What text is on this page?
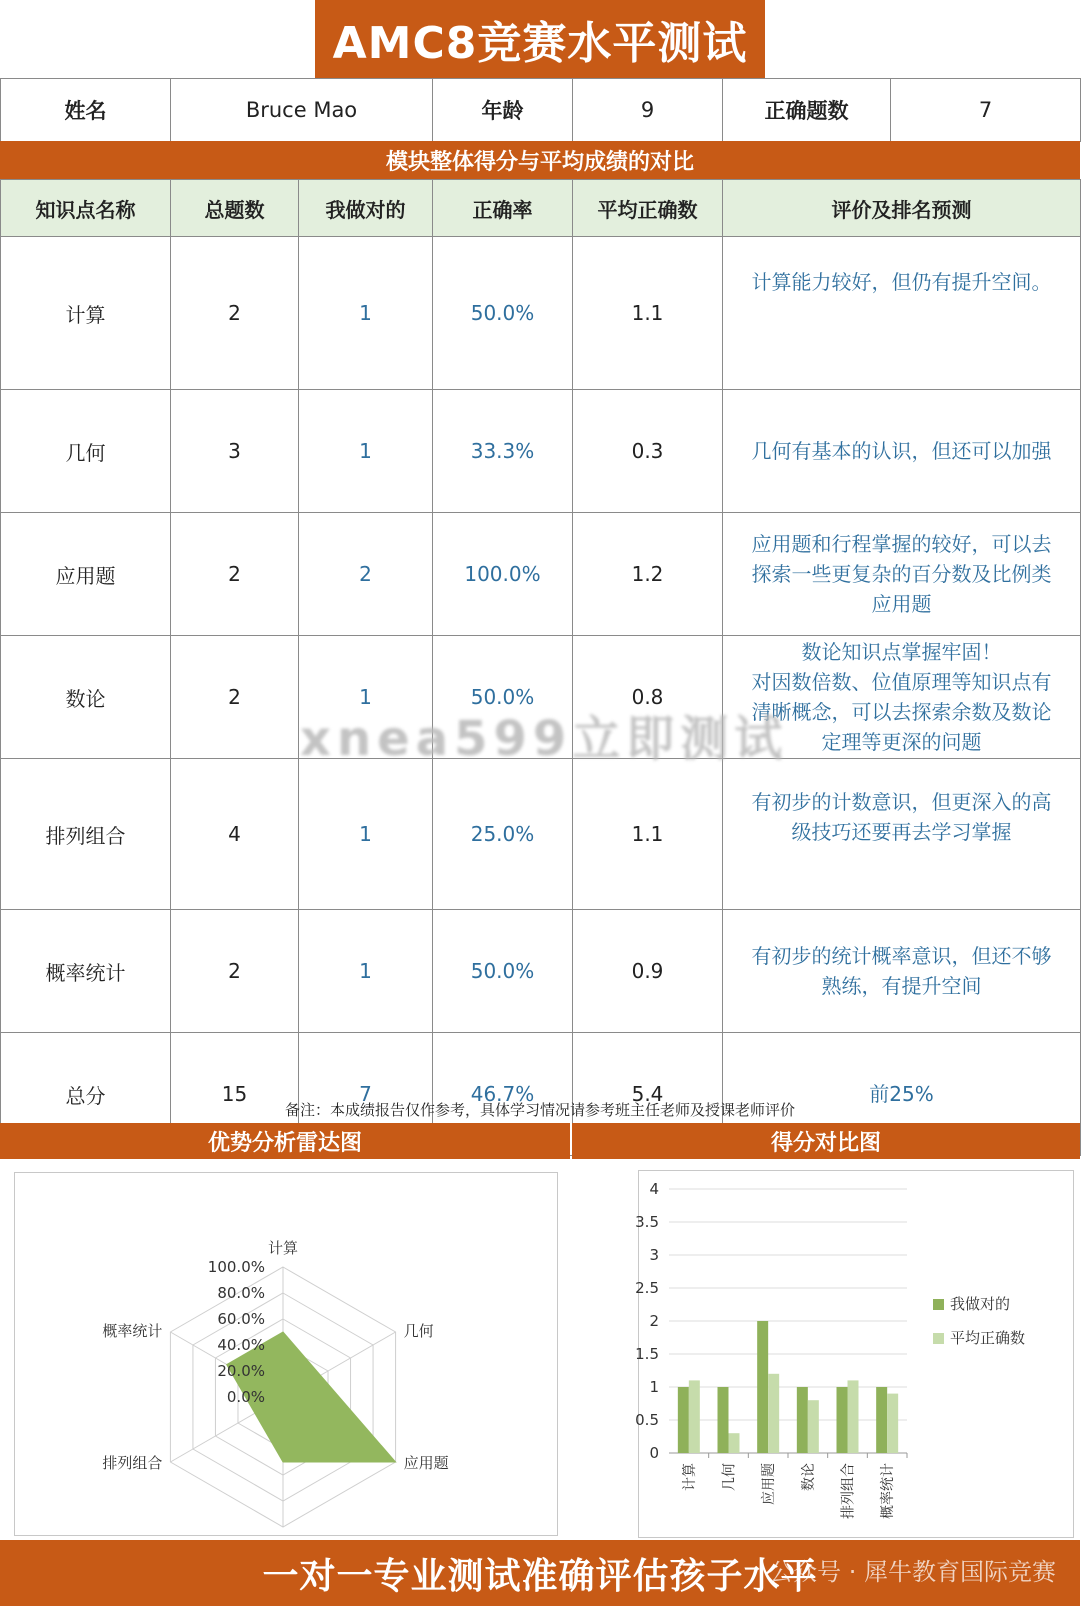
AMC8竞赛水平测试
姓名	Bruce Mao	年龄	9	正确题数	7
模块整体得分与平均成绩的对比
知识点名称	总题数	我做对的	正确率	平均正确数	评价及排名预测
计算	2	1	50.0%	1.1	计算能力较好，但仍有提升空间。

几何	3	1	33.3%	0.3	几何有基本的认识，但还可以加强

应用题	2	2	100.0%	1.2	应用题和行程掌握的较好，可以去
探索一些更复杂的百分数及比例类
应用题

数论	2	1	50.0%	0.8	数论知识点掌握牢固！
对因数倍数、位值原理等知识点有
清晰概念，可以去探索余数及数论
定理等更深的问题

排列组合	4	1	25.0%	1.1	有初步的计数意识，但更深入的高
级技巧还要再去学习掌握

概率统计	2	1	50.0%	0.9	有初步的统计概率意识，但还不够
熟练，有提升空间

总分	15	7	46.7%	5.4	前25%
备注：本成绩报告仅作参考，具体学习情况请参考班主任老师及授课老师评价
优势分析雷达图	得分对比图
100.0%
80.0%
60.0%
40.0%
20.0%
0.0%
计算
几何
应用题
排列组合
概率统计
0
0.5
1
1.5
2
2.5
3
3.5
4
计算 几何 应用题 数论 排列组合 概率统计
我做对的
平均正确数
xnea599立即测试
一对一专业测试准确评估孩子水平
公众号 · 犀牛教育国际竞赛
